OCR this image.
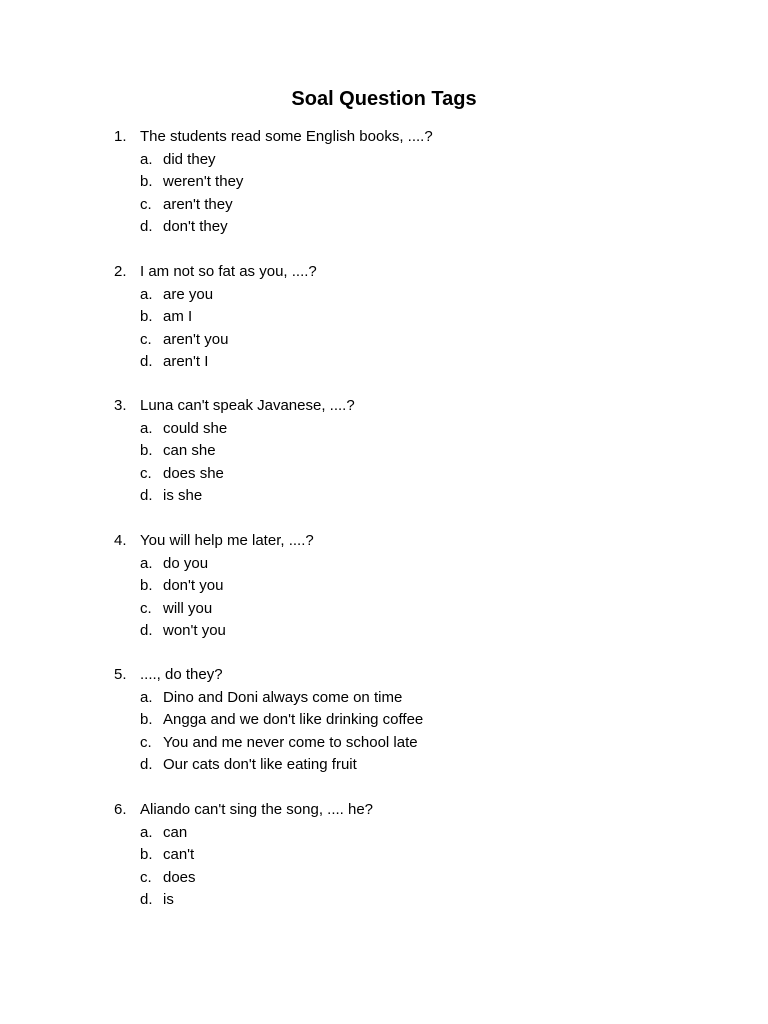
Soal Question Tags
1. The students read some English books, ....?
a. did they
b. weren't they
c. aren't they
d. don't they
2. I am not so fat as you, ....?
a. are you
b. am I
c. aren't you
d. aren't I
3. Luna can't speak Javanese, ....?
a. could she
b. can she
c. does she
d. is she
4. You will help me later, ....?
a. do you
b. don't you
c. will you
d. won't you
5. ...., do they?
a. Dino and Doni always come on time
b. Angga and we don't like drinking coffee
c. You and me never come to school late
d. Our cats don't like eating fruit
6. Aliando can't sing the song, .... he?
a. can
b. can't
c. does
d. is
